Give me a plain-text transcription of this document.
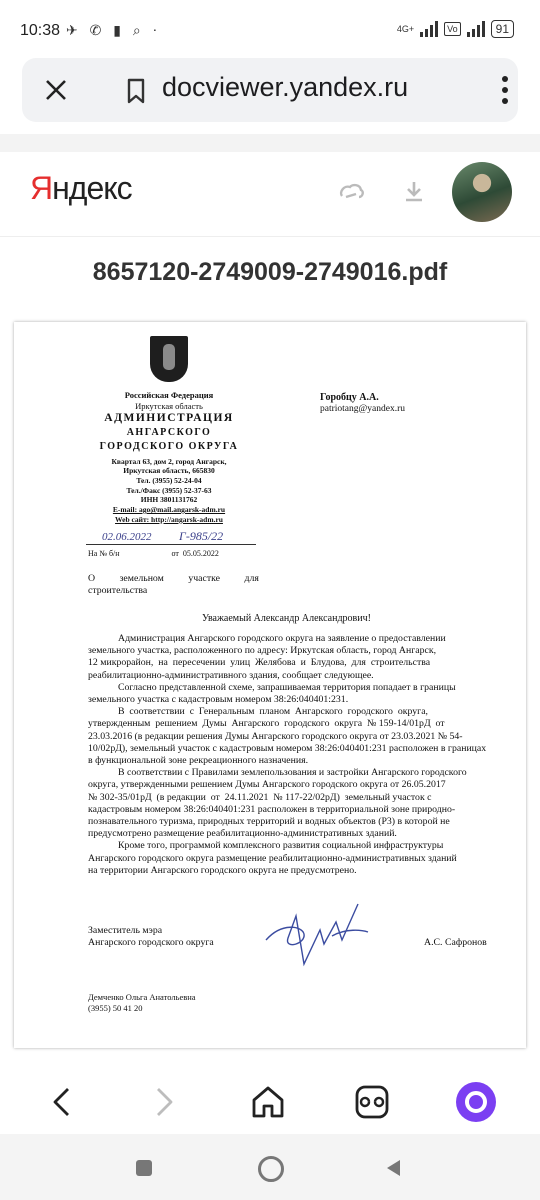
10:38 ✈ ✆ ▮ ⌕ ⋅	4G+	Vo	91
docviewer.yandex.ru
Яндекс
8657120-2749009-2749016.pdf
Российская Федерация
Иркутская область
АДМИНИСТРАЦИЯ
АНГАРСКОГО
ГОРОДСКОГО ОКРУГА
Квартал 63, дом 2, город Ангарск,
Иркутская область, 665830
Тел. (3955) 52-24-04
Тел./Факс (3955) 52-37-63
ИНН 3801131762
E-mail: ago@mail.angarsk-adm.ru
Web сайт: http://angarsk-adm.ru
02.06.2022 Г-985/22
На № б/н                          от  05.05.2022
Горобцу А.А.
patriotang@yandex.ru
О          земельном          участке          для
строительства
Уважаемый Александр Александрович!
Администрация Ангарского городского округа на заявление о предоставлении
земельного участка, расположенного по адресу: Иркутская область, город Ангарск,
12 микрорайон,  на  пересечении  улиц  Желябова  и  Блудова,  для  строительства
реабилитационно-административного здания, сообщает следующее.
Согласно представленной схеме, запрашиваемая территория попадает в границы
земельного участка с кадастровым номером 38:26:040401:231.
В  соответствии  с  Генеральным  планом  Ангарского  городского  округа,
утвержденным  решением  Думы  Ангарского  городского  округа  № 159-14/01рД  от
23.03.2016 (в редакции решения Думы Ангарского городского округа от 23.03.2021 № 54-
10/02рД), земельный участок с кадастровым номером 38:26:040401:231 расположен в границах
в функциональной зоне рекреационного назначения.
В соответствии с Правилами землепользования и застройки Ангарского городского
округа, утвержденными решением Думы Ангарского городского округа от 26.05.2017
№ 302-35/01рД  (в редакции  от  24.11.2021  № 117-22/02рД)  земельный участок с
кадастровым номером 38:26:040401:231 расположен в территориальной зоне природно-
познавательного туризма, природных территорий и водных объектов (Р3) в которой не
предусмотрено размещение реабилитационно-административных зданий.
Кроме того, программой комплексного развития социальной инфраструктуры
Ангарского городского округа размещение реабилитационно-административных зданий
на территории Ангарского городского округа не предусмотрено.
Заместитель мэра
Ангарского городского округа	А.С. Сафронов
Демченко Ольга Анатольевна
(3955) 50 41 20
